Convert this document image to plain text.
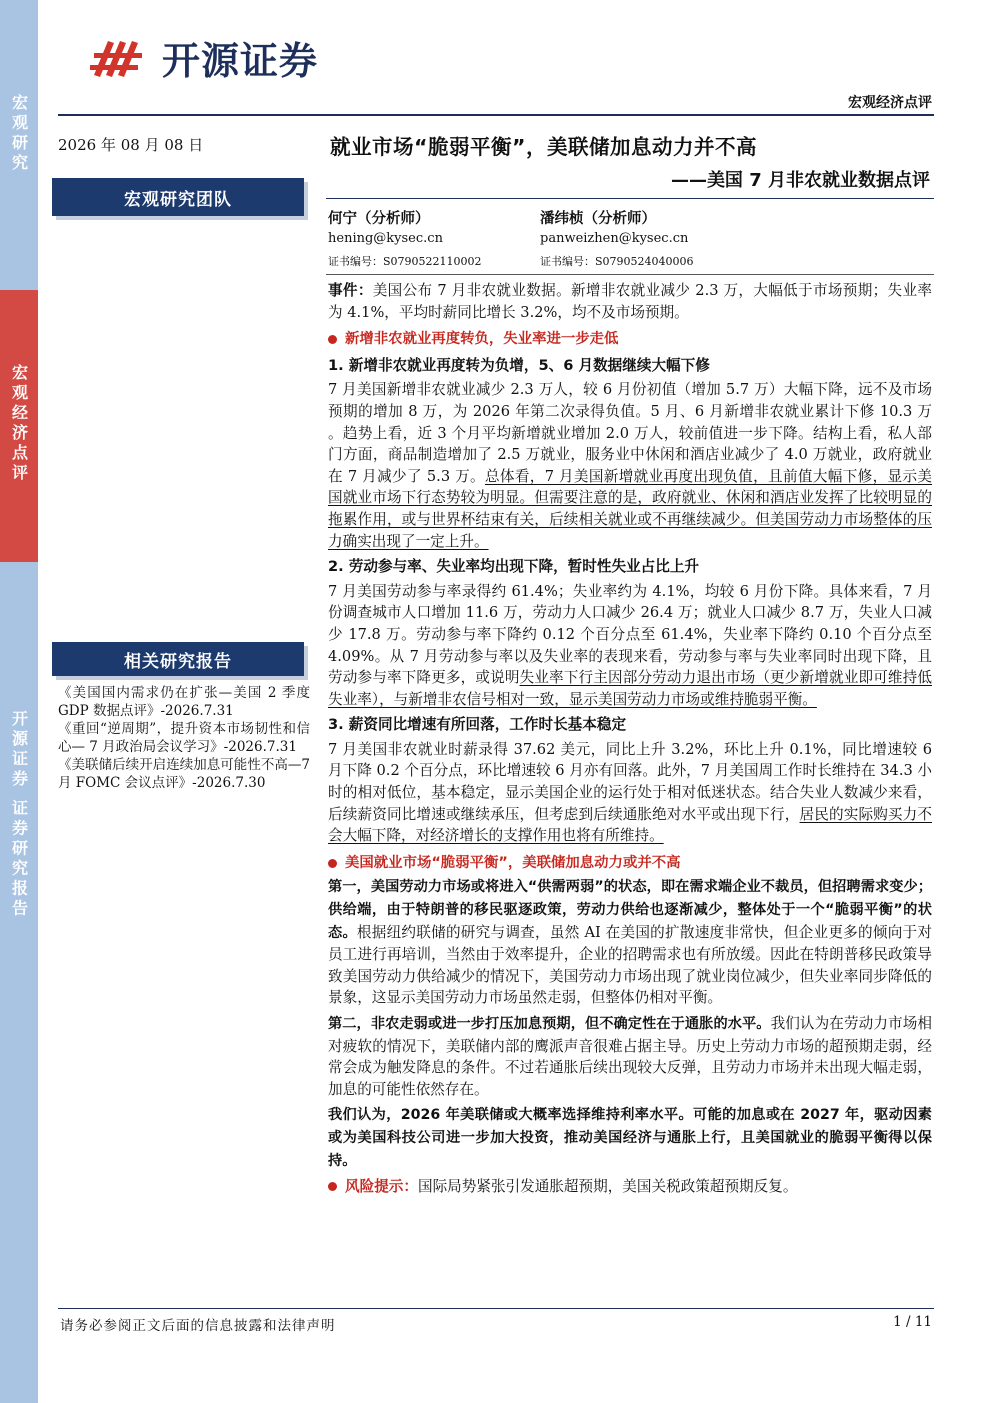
宏观研究
宏观经济点评
开源证券 证券研究报告
开源证券
宏观经济点评
2026 年 08 月 08 日
宏观研究团队
相关研究报告

《美国国内需求仍在扩张—美国 2 季度 GDP 数据点评》-2026.7.31

《重回“逆周期”，提升资本市场韧性和信心— 7 月政治局会议学习》-2026.7.31

《美联储后续开启连续加息可能性不高—7 月 FOMC 会议点评》-2026.7.30

就业市场“脆弱平衡”，美联储加息动力并不高
——美国 7 月非农就业数据点评
何宁（分析师）
hening@kysec.cn
证书编号：S0790522110002
潘纬桢（分析师）
panweizhen@kysec.cn
证书编号：S0790524040006

事件：美国公布 7 月非农就业数据。新增非农就业减少 2.3 万，大幅低于市场预期；失业率为 4.1%，平均时薪同比增长 3.2%，均不及市场预期。

新增非农就业再度转负，失业率进一步走低
1. 新增非农就业再度转为负增，5、6 月数据继续大幅下修

7 月美国新增非农就业减少 2.3 万人，较 6 月份初值（增加 5.7 万）大幅下降，远不及市场预期的增加 8 万，为 2026 年第二次录得负值。5 月、6 月新增非农就业累计下修 10.3 万 。趋势上看，近 3 个月平均新增就业增加 2.0 万人，较前值进一步下降。结构上看，私人部门方面，商品制造增加了 2.5 万就业，服务业中休闲和酒店业减少了 4.0 万就业，政府就业在 7 月减少了 5.3 万。总体看，7 月美国新增就业再度出现负值，且前值大幅下修，显示美国就业市场下行态势较为明显。但需要注意的是，政府就业、休闲和酒店业发挥了比较明显的拖累作用，或与世界杯结束有关，后续相关就业或不再继续减少。但美国劳动力市场整体的压力确实出现了一定上升。

2. 劳动参与率、失业率均出现下降，暂时性失业占比上升

7 月美国劳动参与率录得约 61.4%；失业率约为 4.1%，均较 6 月份下降。具体来看，7 月份调查城市人口增加 11.6 万，劳动力人口减少 26.4 万；就业人口减少 8.7 万，失业人口减少 17.8 万。劳动参与率下降约 0.12 个百分点至 61.4%，失业率下降约 0.10 个百分点至 4.09%。从 7 月劳动参与率以及失业率的表现来看，劳动参与率与失业率同时出现下降，且劳动参与率下降更多，或说明失业率下行主因部分劳动力退出市场（更少新增就业即可维持低失业率），与新增非农信号相对一致，显示美国劳动力市场或维持脆弱平衡。

3. 薪资同比增速有所回落，工作时长基本稳定

7 月美国非农就业时薪录得 37.62 美元，同比上升 3.2%，环比上升 0.1%，同比增速较 6 月下降 0.2 个百分点，环比增速较 6 月亦有回落。此外，7 月美国周工作时长维持在 34.3 小时的相对低位，基本稳定，显示美国企业的运行处于相对低迷状态。结合失业人数减少来看，后续薪资同比增速或继续承压，但考虑到后续通胀绝对水平或出现下行，居民的实际购买力不会大幅下降，对经济增长的支撑作用也将有所维持。

美国就业市场“脆弱平衡”，美联储加息动力或并不高

第一，美国劳动力市场或将进入“供需两弱”的状态，即在需求端企业不裁员，但招聘需求变少；供给端，由于特朗普的移民驱逐政策，劳动力供给也逐渐减少，整体处于一个“脆弱平衡”的状态。根据纽约联储的研究与调查，虽然 AI 在美国的扩散速度非常快，但企业更多的倾向于对员工进行再培训，当然由于效率提升，企业的招聘需求也有所放缓。因此在特朗普移民政策导致美国劳动力供给减少的情况下，美国劳动力市场出现了就业岗位减少，但失业率同步降低的景象，这显示美国劳动力市场虽然走弱，但整体仍相对平衡。

第二，非农走弱或进一步打压加息预期，但不确定性在于通胀的水平。我们认为在劳动力市场相对疲软的情况下，美联储内部的鹰派声音很难占据主导。历史上劳动力市场的超预期走弱，经常会成为触发降息的条件。不过若通胀后续出现较大反弹，且劳动力市场并未出现大幅走弱，加息的可能性依然存在。

我们认为，2026 年美联储或大概率选择维持利率水平。可能的加息或在 2027 年，驱动因素或为美国科技公司进一步加大投资，推动美国经济与通胀上行，且美国就业的脆弱平衡得以保持。

风险提示： 国际局势紧张引发通胀超预期，美国关税政策超预期反复。
请务必参阅正文后面的信息披露和法律声明	1 / 11
